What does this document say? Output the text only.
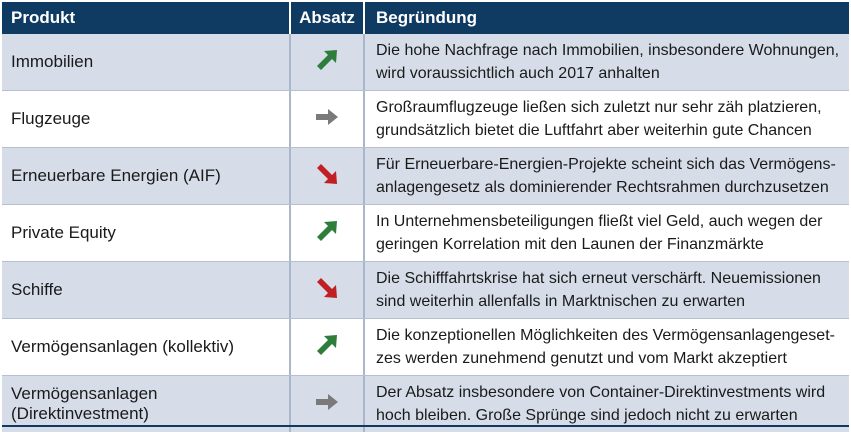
Produkt	Absatz	Begründung
Immobilien
Die hohe Nachfrage nach Immobilien, insbesondere Wohnungen,
wird voraussichtlich auch 2017 anhalten
Flugzeuge
Großraumflugzeuge ließen sich zuletzt nur sehr zäh platzieren,
grundsätzlich bietet die Luftfahrt aber weiterhin gute Chancen
Erneuerbare Energien (AIF)
Für Erneuerbare-Energien-Projekte scheint sich das Vermögens-
anlagengesetz als dominierender Rechtsrahmen durchzusetzen
Private Equity
In Unternehmensbeteiligungen fließt viel Geld, auch wegen der
geringen Korrelation mit den Launen der Finanzmärkte
Schiffe
Die Schifffahrtskrise hat sich erneut verschärft. Neuemissionen
sind weiterhin allenfalls in Marktnischen zu erwarten
Vermögensanlagen (kollektiv)
Die konzeptionellen Möglichkeiten des Vermögensanlagengeset-
zes werden zunehmend genutzt und vom Markt akzeptiert
Vermögensanlagen (Direktinvestment)
Der Absatz insbesondere von Container-Direktinvestments wird
hoch bleiben. Große Sprünge sind jedoch nicht zu erwarten
